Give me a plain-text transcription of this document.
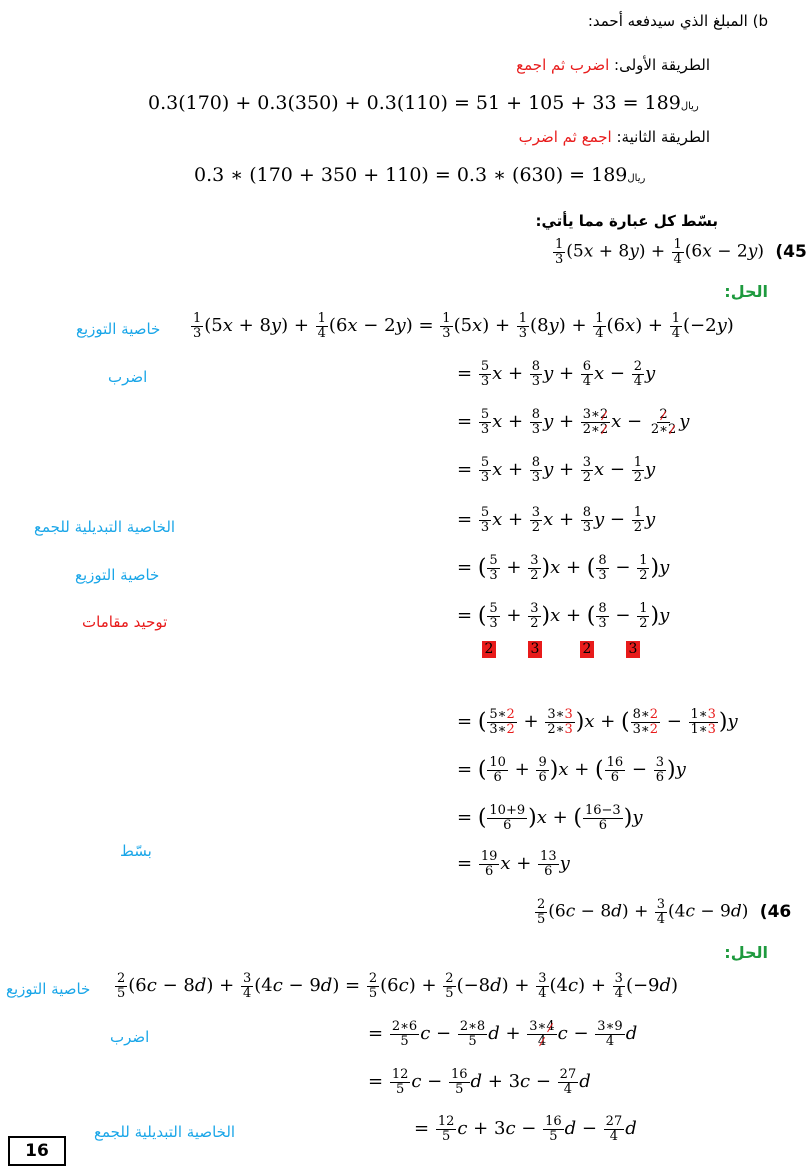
b) المبلغ الذي سيدفعه أحمد:
الطريقة الأولى: اضرب ثم اجمع
0.3(170) + 0.3(350) + 0.3(110) = 51 + 105 + 33 = 189ريال
الطريقة الثانية: اجمع ثم اضرب
0.3 ∗ (170 + 350 + 110) = 0.3 ∗ (630) = 189ريال
بسّط كل عبارة مما يأتي:
$\frac{1}{3} (5x + 8y) + \frac{1}{4} (6x - 2y)$ (45
الحل:
خاصية التوزيع
اضرب
الخاصية التبديلية للجمع
خاصية التوزيع
توحيد مقامات
بسّط
$\frac{1}{3} (5x + 8y) + \frac{1}{4} (6x - 2y) = \frac{1}{3} (5x) + \frac{1}{3} (8y) + \frac{1}{4} (6x) + \frac{1}{4} (-2y)$
= $\frac{5}{3}$ $x + \frac{8}{3}$ $y + \frac{6}{4}$ $x - \frac{2}{4}$ y
= $\frac{5}{3}$ $x + \frac{8}{3}$ $y + \frac{3∗2}{2∗2}$ $x - \frac{2}{2∗2}$ y
= $\frac{5}{3}$ $x + \frac{8}{3}$ $y + \frac{3}{2}$ $x - \frac{1}{2}$ y
= $\frac{5}{3}$ $x + \frac{3}{2}$ $x + \frac{8}{3}$ $y - \frac{1}{2}$ y
= ( $\frac{5}{3} + \frac{3}{2} )x$ + ( $\frac{8}{3} - \frac{1}{2} )y$
= ( $\frac{5}{3} + \frac{3}{2} )x$ + ( $\frac{8}{3} - \frac{1}{2} )y$
2	3	2	3
= ( $\frac{5∗2}{3∗2} + \frac{3∗3}{2∗3} )x$ + ( $\frac{8∗2}{3∗2} - \frac{1∗3}{1∗3} )y$
= ( $\frac{10}{6} + \frac{9}{6} )x$ + ( $\frac{16}{6} - \frac{3}{6} )y$
= ( $\frac{10+9}{6} )x$ + ( $\frac{16-3}{6} )y$
= $\frac{19}{6}$ $x + \frac{13}{6}$ y
$\frac{2}{5} (6c - 8d) + \frac{3}{4} (4c - 9d)$ (46
الحل:
خاصية التوزيع
اضرب
الخاصية التبديلية للجمع
$\frac{2}{5} (6c - 8d) + \frac{3}{4} (4c - 9d) = \frac{2}{5} (6c) + \frac{2}{5} (-8d) + \frac{3}{4} (4c) + \frac{3}{4} (-9d)$
= $\frac{2∗6}{5}$ $c - \frac{2∗8}{5}$ $d + \frac{3∗4}{4}$ $c - \frac{3∗9}{4}$ d
= $\frac{12}{5}$ $c - \frac{16}{5}$ $d + 3c - \frac{27}{4}$ d
= $\frac{12}{5}$ $c + 3c - \frac{16}{5}$ $d - \frac{27}{4}$ d
16
